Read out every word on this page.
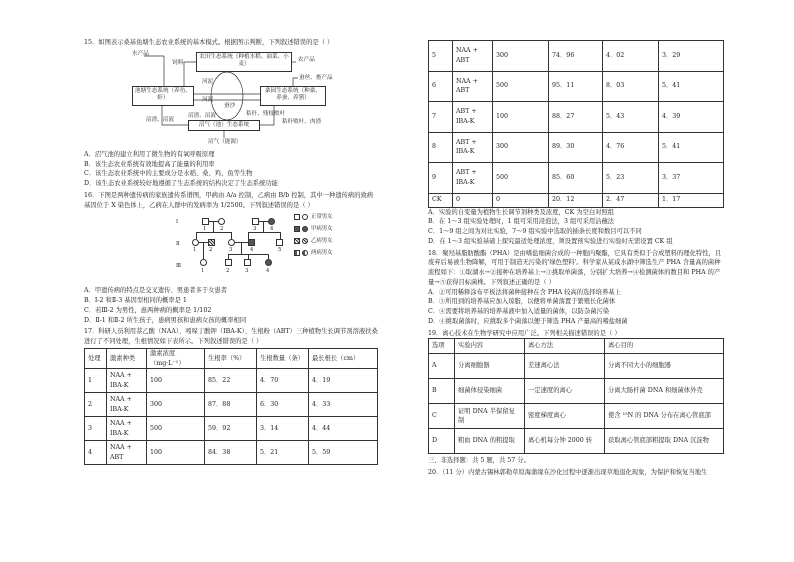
15．如图表示桑基鱼塘生态农业系统的基本模式。根据图示判断，下列叙述错误的是（ ）

水产品
饲料
农田生态系统（种植水稻、油菜、小麦）
农产品
蚕丝、畜产品
池塘生态系统（养鱼、虾）
桑园生态系统（种桑、养蚕、养猪）
河泥
河泥
蚕沙
秸秆、残枝败叶
沼渣、沼液
沼气（池）生态系统	秸秆败叶、肉渣
沼渣、沼液
沼气（能源）

A．沼气池的建立利用了微生物的有氧呼吸原理

B．该生态农业系统有效地提高了能量的利用率

C．该生态农业系统中的主要成分是水稻、桑、鸡、鱼等生物

D．该生态农业系统较好地遵循了生态系统的结构决定了生态系统功能

16．下图是两种遗传病的家族遗传系谱图，甲病由 A/a 控制，乙病由 B/b 控制，其中一种遗传病的致病基因位于 X 染色体上，乙病在人群中的发病率为 1/2500。下列叙述错误的是（ ）

Ⅰ
Ⅱ
Ⅲ
1	2	3	4
1 2	3	4	5
1	2	3	4
正常男女
甲病男女
乙病男女
两病男女

A．甲遗传病的特点是交叉遗传、男患者多于女患者

B．Ⅰ-2 和Ⅱ-3 基因型相同的概率是 1

C．若Ⅲ-2 为男性，患两种病的概率是 1/102

D．Ⅱ-1 和Ⅱ-2 所生孩子，患病男孩和患病女孩的概率相同

17．科研人员利用萘乙酸（NAA）、吲哚丁酸钾（IBA-K）、生根粉（ABT）三种植物生长调节剂溶液扶桑进行了不同处理，生根情况如下表所示。下列叙述错误的是（ ）

处理	激素种类	激素浓度（mg·L⁻¹）	生根率（%）	生根数量（条）	最长根长（cm）
1	NAA + IBA-K	100	85．22	4．70	4．19
2	NAA + IBA-K	300	87．88	6．30	4．33
3	NAA + IBA-K	500	59．92	3．14	4．44
4	NAA + ABT	100	84．38	5．21	5．59
5	NAA + ABT	300	74．96	4．02	3．29
6	NAA + ABT	500	95．11	8．03	5．41
7	ABT + IBA-K	100	88．27	5．43	4．39
8	ABT + IBA-K	300	89．30	4．76	5．41
9	ABT + IBA-K	500	85．60	5．23	3．37
CK	0	0	20．12	2．47	1．17

A．实验的自变量为植物生长调节剂种类及浓度，CK 为空白对照组

B．在 1～3 组实验处理时，1 组可采用浸泡法，3 组可采用沾蘸法

C．1～9 组之间为对比实验，7～9 组实验中选取的插条长度和数目可以不同

D．在 1～3 组实验基础上探究最适处理浓度，须设置预实验进行实验时无需设置 CK 组

18．聚羟基脂肪酸酯（PHA）是由嗜盐细菌合成的一种胞内聚酯，它具有类似于合成塑料的理化特性，且废弃后易被生物降解，可用于制造无污染的'绿色塑料'。科学家从某咸水湖中筛选生产 PHA 含量高的菌种流程如下：①取湖水→②接种在培养基上→③挑取单菌落，分别扩大培养→④检测菌体的数目和 PHA 的产量→⑤获得目标菌株。下列叙述正确的是（ ）

A．②可用稀释涂布平板法将菌种接种在含 PHA 较高的选择培养基上

B．③所用到的培养基应加入琼脂，以便将单菌落置于繁殖长化菌体

C．④需要将培养基的培养基液中加入适量的菌体，以防杂菌污染

D．④挑取菌落时，应挑取多个菌落以便于筛选 PHA 产量高的嗜盐细菌

19．离心技术在生物学研究中应用广泛。下列相关描述错误的是（ ）

选项	实验内容	离心方法	离心目的
A	分离细胞器	差速离心法	分离不同大小的细胞器
B	细菌体侵染细菌	一定速度的离心	分离大肠杆菌 DNA 和细菌体外壳
C	证明 DNA 半保留复制	密度梯度离心	使含 ¹⁵N 的 DNA 分布在离心管底部
D	粗血 DNA 的粗提取	离心机每分钟 2000 转	获取离心管底部粗提取 DNA 沉淀物

三、非选择题：共 5 题，共 57 分。

20．（11 分）内蒙古锡林郭勒草原海蒲缘在沙化过程中逐渐出现草地退化现象，为保护和恢复当地生
